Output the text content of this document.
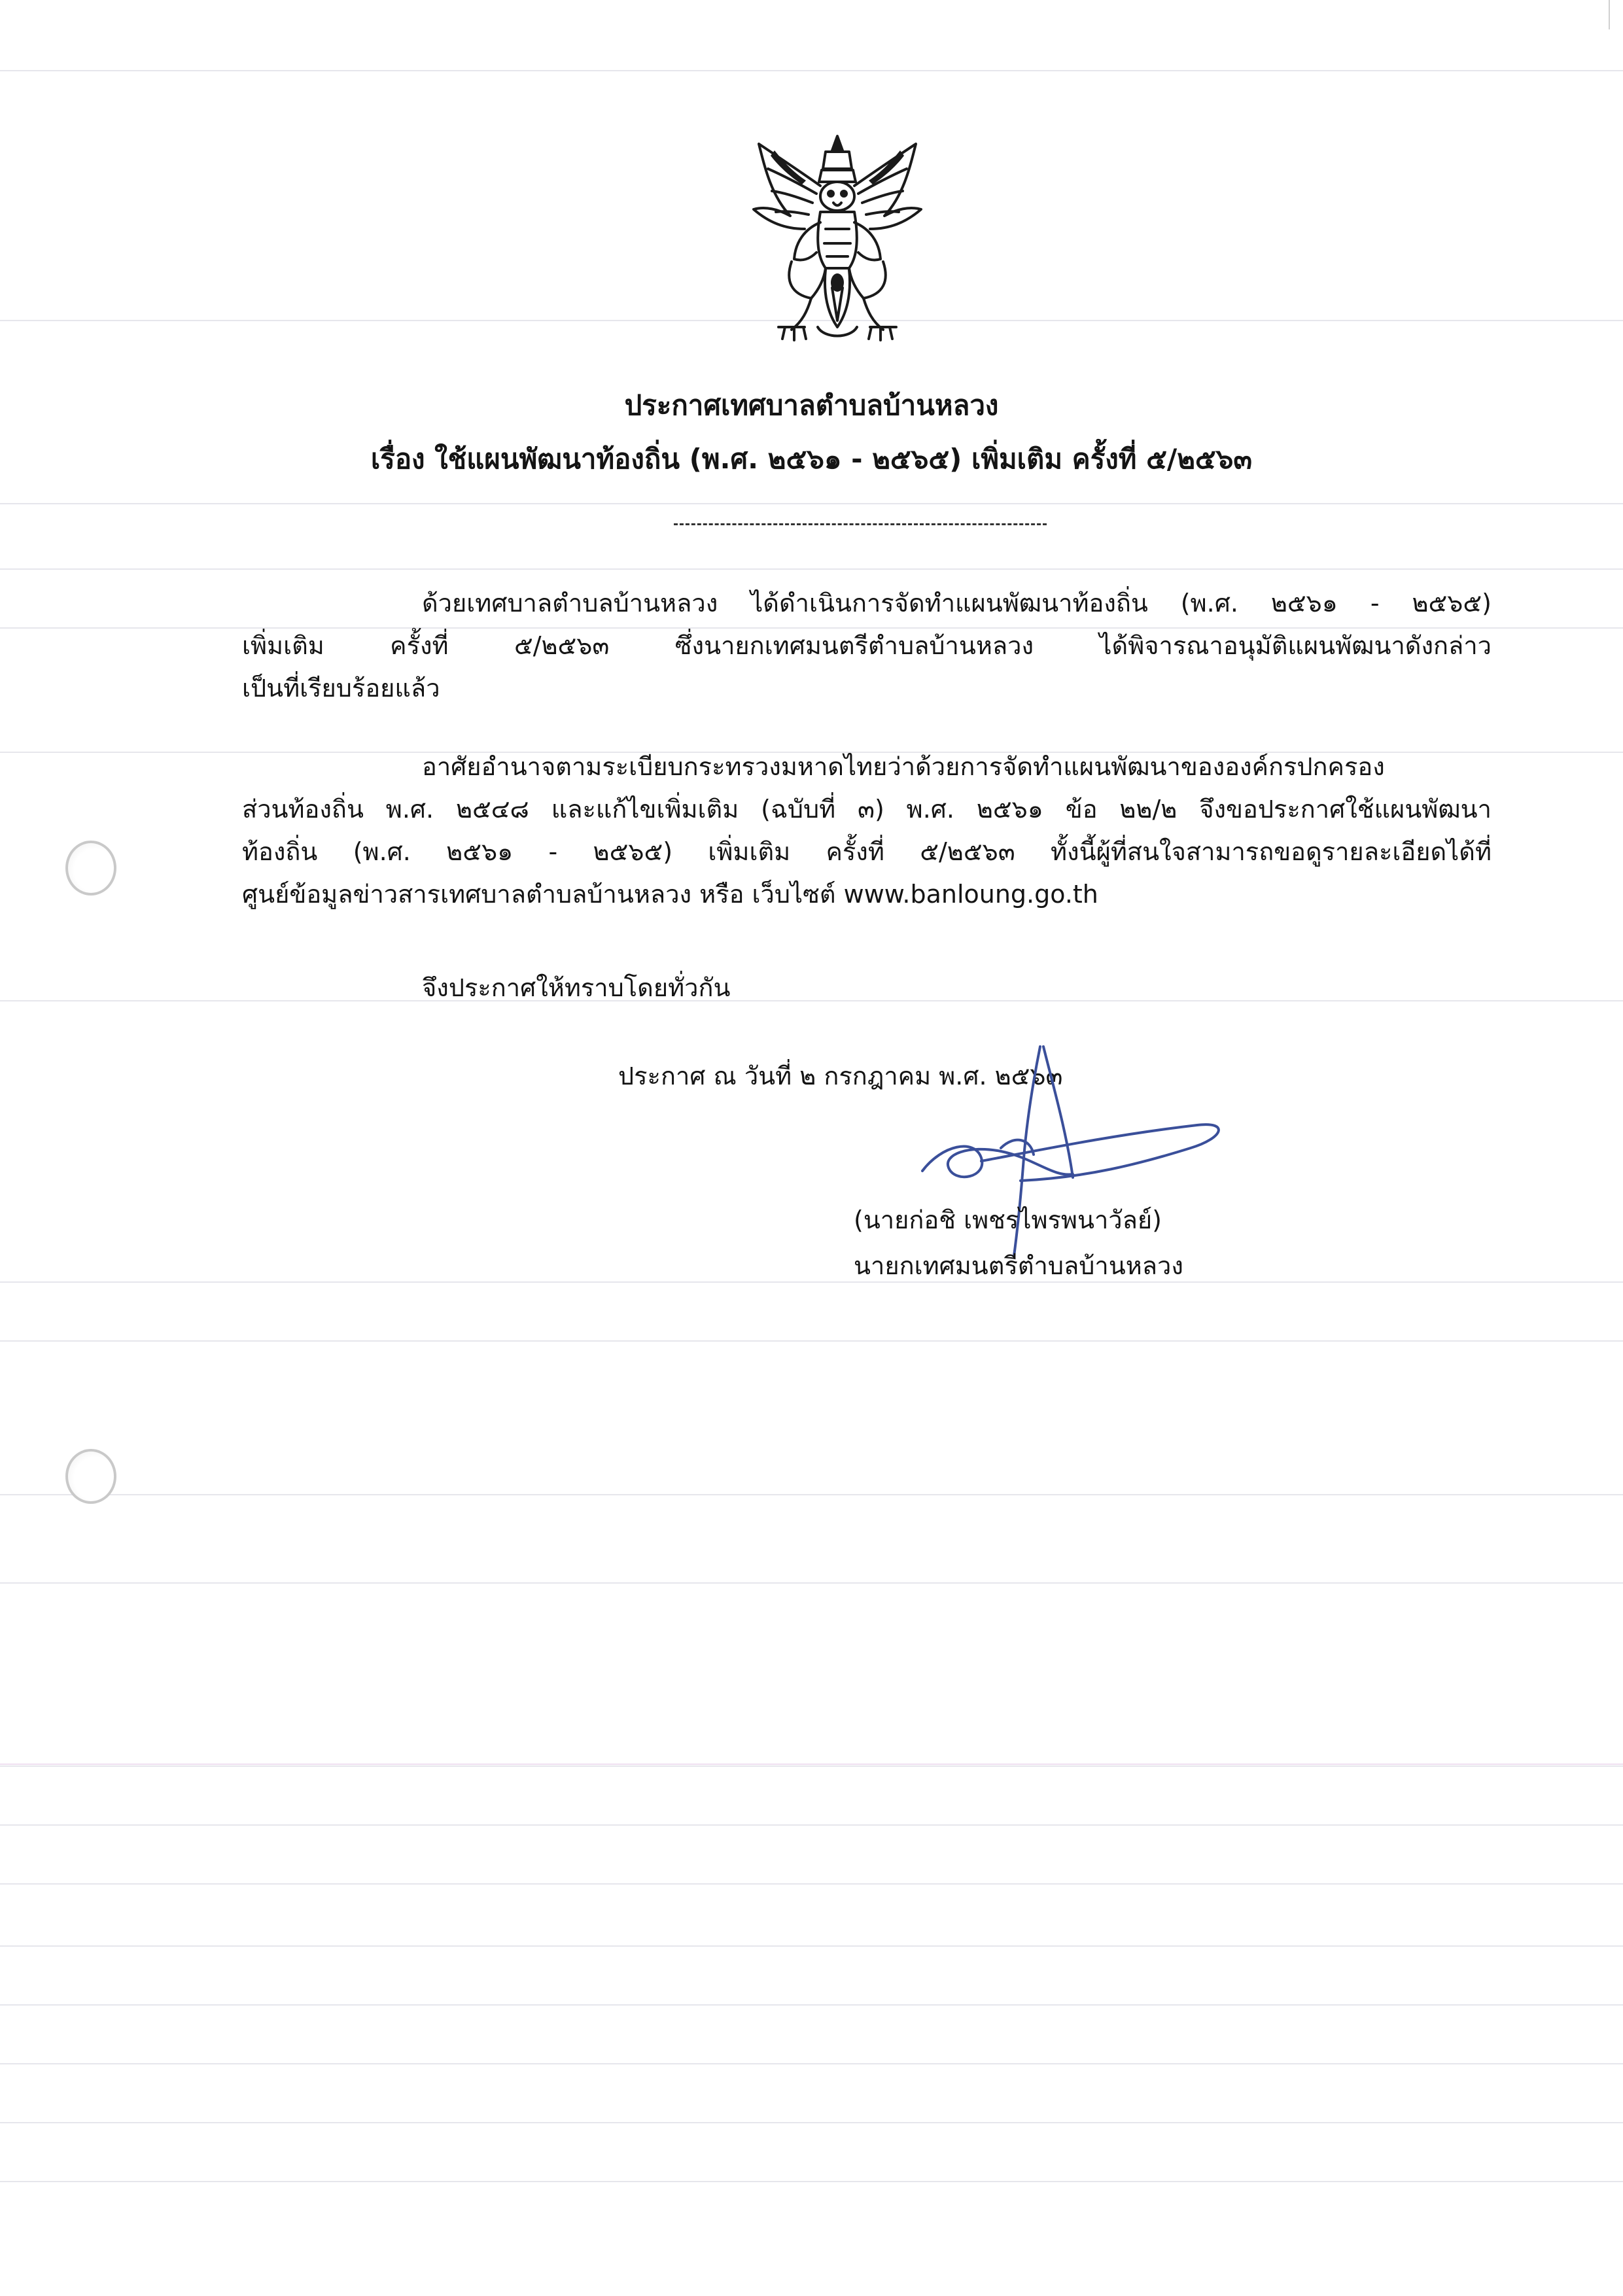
ประกาศเทศบาลตำบลบ้านหลวง
เรื่อง ใช้แผนพัฒนาท้องถิ่น (พ.ศ. ๒๕๖๑ - ๒๕๖๕) เพิ่มเติม ครั้งที่ ๕/๒๕๖๓
ด้วยเทศบาลตำบลบ้านหลวง ได้ดำเนินการจัดทำแผนพัฒนาท้องถิ่น (พ.ศ. ๒๕๖๑ - ๒๕๖๕)
เพิ่มเติม ครั้งที่ ๕/๒๕๖๓ ซึ่งนายกเทศมนตรีตำบลบ้านหลวง ได้พิจารณาอนุมัติแผนพัฒนาดังกล่าว
เป็นที่เรียบร้อยแล้ว
อาศัยอำนาจตามระเบียบกระทรวงมหาดไทยว่าด้วยการจัดทำแผนพัฒนาขององค์กรปกครอง
ส่วนท้องถิ่น พ.ศ. ๒๕๔๘ และแก้ไขเพิ่มเติม (ฉบับที่ ๓) พ.ศ. ๒๕๖๑ ข้อ ๒๒/๒ จึงขอประกาศใช้แผนพัฒนา
ท้องถิ่น (พ.ศ. ๒๕๖๑ - ๒๕๖๕) เพิ่มเติม ครั้งที่ ๕/๒๕๖๓ ทั้งนี้ผู้ที่สนใจสามารถขอดูรายละเอียดได้ที่
ศูนย์ข้อมูลข่าวสารเทศบาลตำบลบ้านหลวง หรือ เว็บไซต์ www.banloung.go.th
จึงประกาศให้ทราบโดยทั่วกัน
ประกาศ ณ วันที่ ๒ กรกฎาคม พ.ศ. ๒๕๖๓
(นายก่อชิ เพชรไพรพนาวัลย์)
นายกเทศมนตรีตำบลบ้านหลวง
